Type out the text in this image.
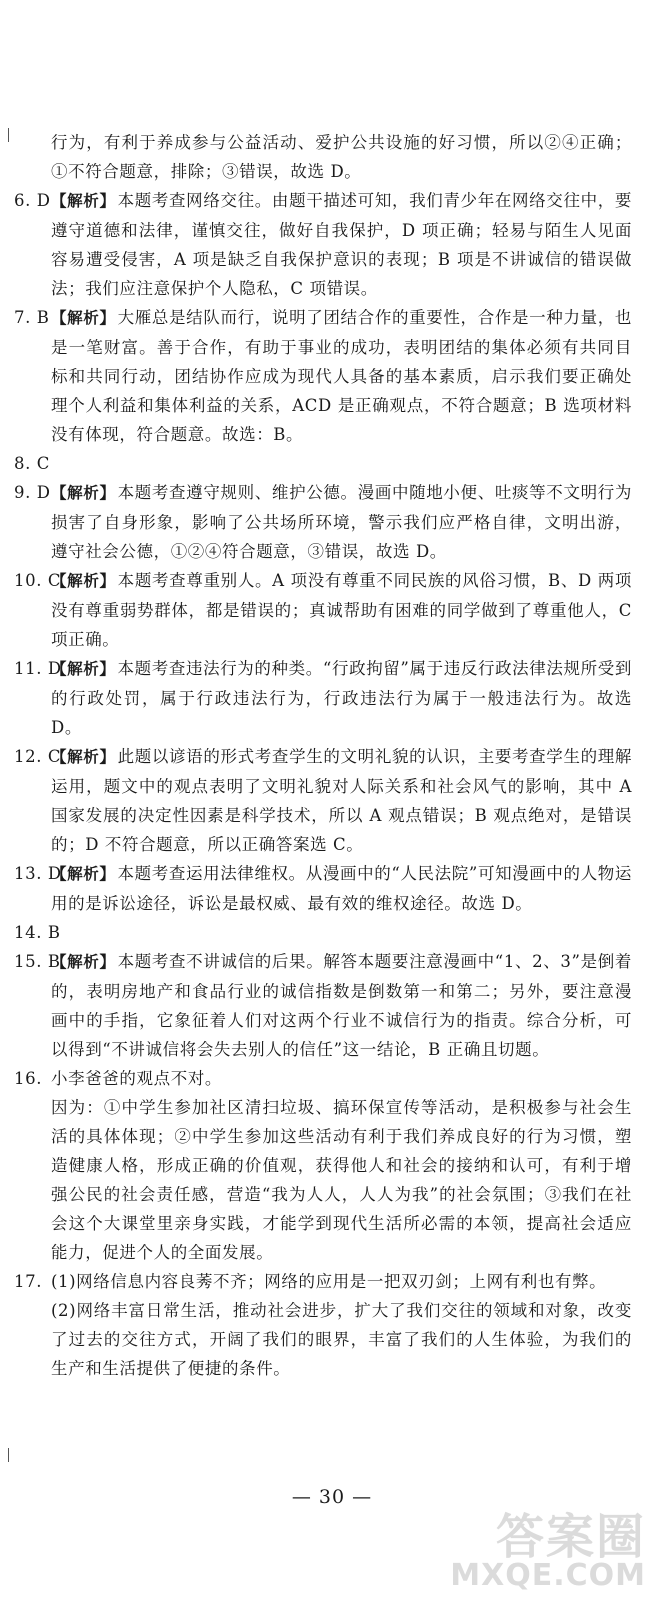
行为，有利于养成参与公益活动、爱护公共设施的好习惯，所以②④正确；①不符合题意，排除；③错误，故选 D。
6. D 【解析】 本题考查网络交往。由题干描述可知，我们青少年在网络交往中，要遵守道德和法律，谨慎交往，做好自我保护，D 项正确；轻易与陌生人见面容易遭受侵害，A 项是缺乏自我保护意识的表现；B 项是不讲诚信的错误做法；我们应注意保护个人隐私，C 项错误。
7. B 【解析】 大雁总是结队而行，说明了团结合作的重要性，合作是一种力量，也是一笔财富。善于合作，有助于事业的成功，表明团结的集体必须有共同目标和共同行动，团结协作应成为现代人具备的基本素质，启示我们要正确处理个人利益和集体利益的关系，ACD 是正确观点，不符合题意；B 选项材料没有体现，符合题意。故选：B。
8. C

9. D 【解析】 本题考查遵守规则、维护公德。漫画中随地小便、吐痰等不文明行为损害了自身形象，影响了公共场所环境，警示我们应严格自律，文明出游，遵守社会公德，①②④符合题意，③错误，故选 D。
10. C
【解析】 本题考查尊重别人。A 项没有尊重不同民族的风俗习惯，B、D 两项没有尊重弱势群体，都是错误的；真诚帮助有困难的同学做到了尊重他人，C 项正确。
11. D
【解析】 本题考查违法行为的种类。“行政拘留”属于违反行政法律法规所受到的行政处罚，属于行政违法行为，行政违法行为属于一般违法行为。故选 D。
12. C
【解析】 此题以谚语的形式考查学生的文明礼貌的认识，主要考查学生的理解运用，题文中的观点表明了文明礼貌对人际关系和社会风气的影响，其中 A 国家发展的决定性因素是科学技术，所以 A 观点错误；B 观点绝对，是错误的；D 不符合题意，所以正确答案选 C。
13. D
【解析】 本题考查运用法律维权。从漫画中的“人民法院”可知漫画中的人物运用的是诉讼途径，诉讼是最权威、最有效的维权途径。故选 D。
14. B

15. B
【解析】 本题考查不讲诚信的后果。解答本题要注意漫画中“1、2、3”是倒着的，表明房地产和食品行业的诚信指数是倒数第一和第二；另外，要注意漫画中的手指，它象征着人们对这两个行业不诚信行为的指责。综合分析，可以得到“不讲诚信将会失去别人的信任”这一结论，B 正确且切题。
16. 小李爸爸的观点不对。
因为：①中学生参加社区清扫垃圾、搞环保宣传等活动，是积极参与社会生活的具体体现；②中学生参加这些活动有利于我们养成良好的行为习惯，塑造健康人格，形成正确的价值观，获得他人和社会的接纳和认可，有利于增强公民的社会责任感，营造“我为人人，人人为我”的社会氛围；③我们在社会这个大课堂里亲身实践，才能学到现代生活所必需的本领，提高社会适应能力，促进个人的全面发展。
17. (1)网络信息内容良莠不齐；网络的应用是一把双刃剑；上网有利也有弊。
(2)网络丰富日常生活，推动社会进步，扩大了我们交往的领域和对象，改变了过去的交往方式，开阔了我们的眼界，丰富了我们的人生体验，为我们的生产和生活提供了便捷的条件。
— 30 —
答案圈
MXQE.COM
